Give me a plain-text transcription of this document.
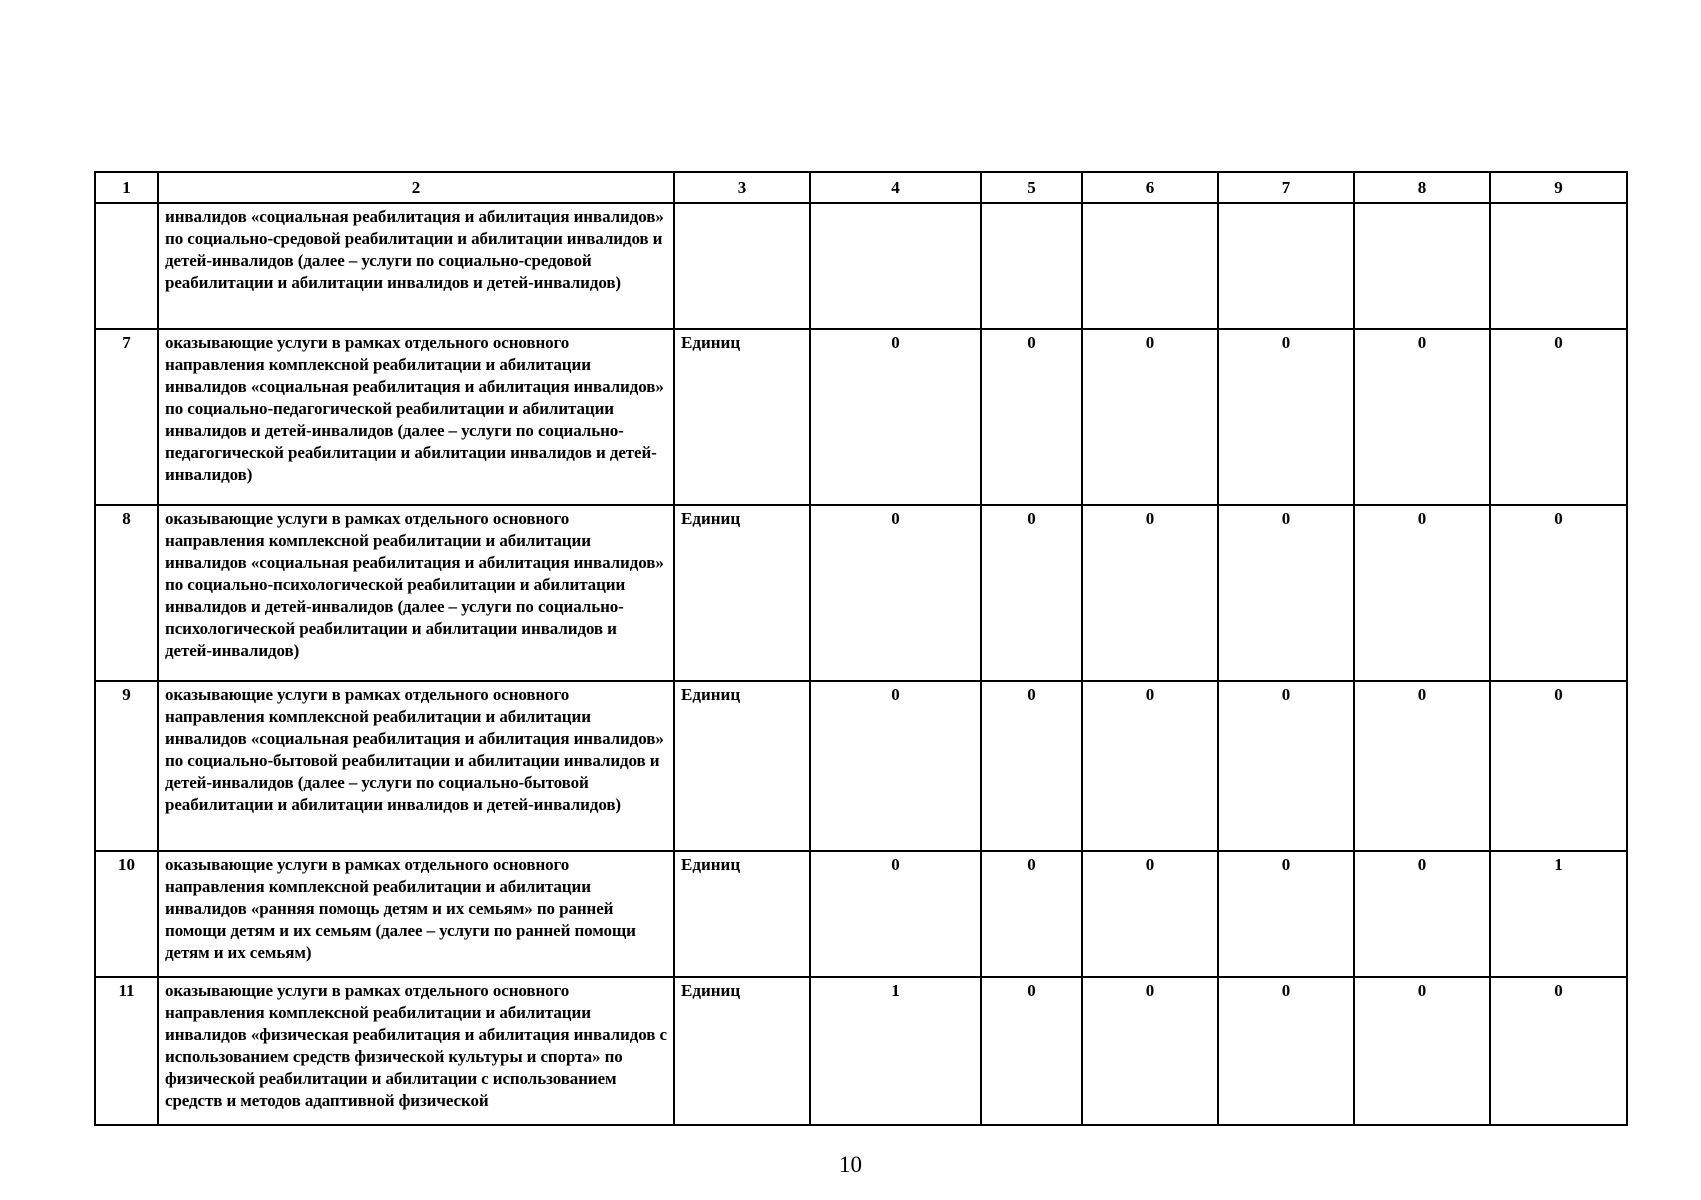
1	2	3	4	5	6	7	8	9
	инвалидов «социальная реабилитация и абилитация инвалидов» по социально-средовой реабилитации и абилитации инвалидов и детей-инвалидов (далее – услуги по социально-средовой реабилитации и абилитации инвалидов и детей-инвалидов)							
7	оказывающие услуги в рамках отдельного основного направления комплексной реабилитации и абилитации инвалидов «социальная реабилитация и абилитация инвалидов» по социально-педагогической реабилитации и абилитации инвалидов и детей-инвалидов (далее – услуги по социально-педагогической реабилитации и абилитации инвалидов и детей-инвалидов)	Единиц	0	0	0	0	0	0
8	оказывающие услуги в рамках отдельного основного направления комплексной реабилитации и абилитации инвалидов «социальная реабилитация и абилитация инвалидов» по социально-психологической реабилитации и абилитации инвалидов и детей-инвалидов (далее – услуги по социально-психологической реабилитации и абилитации инвалидов и детей-инвалидов)	Единиц	0	0	0	0	0	0
9	оказывающие услуги в рамках отдельного основного направления комплексной реабилитации и абилитации инвалидов «социальная реабилитация и абилитация инвалидов» по социально-бытовой реабилитации и абилитации инвалидов и детей-инвалидов (далее – услуги по социально-бытовой реабилитации и абилитации инвалидов и детей-инвалидов)	Единиц	0	0	0	0	0	0
10	оказывающие услуги в рамках отдельного основного направления комплексной реабилитации и абилитации инвалидов «ранняя помощь детям и их семьям» по ранней помощи детям и их семьям (далее – услуги по ранней помощи детям и их семьям)	Единиц	0	0	0	0	0	1
11	оказывающие услуги в рамках отдельного основного направления комплексной реабилитации и абилитации инвалидов «физическая реабилитация и абилитация инвалидов с использованием средств физической культуры и спорта» по физической реабилитации и абилитации с использованием средств и методов адаптивной физической	Единиц	1	0	0	0	0	0
10
